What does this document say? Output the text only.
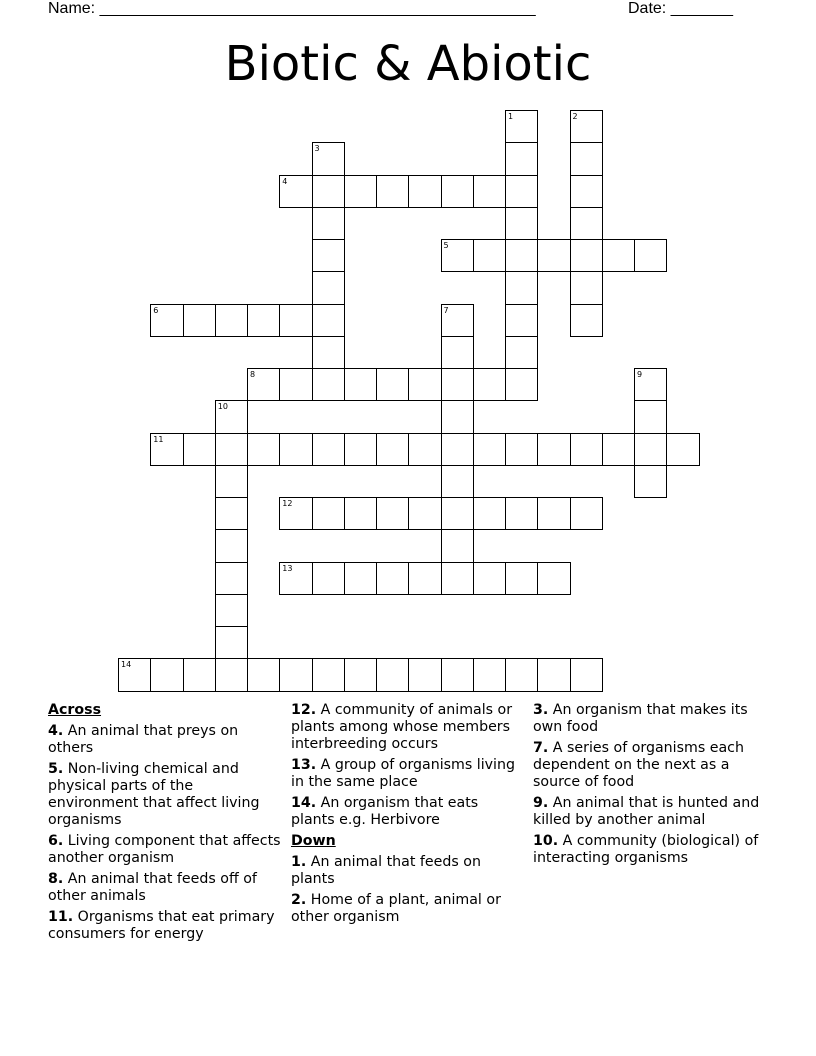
Name: _________________________________________________	Date: _______
Biotic & Abiotic
1	2
3
4
5
6	7
8	9
10
11
12
13
14
Across
4. An animal that preys on others
5. Non-living chemical and physical parts of the environment that affect living organisms
6. Living component that affects another organism
8. An animal that feeds off of other animals
11. Organisms that eat primary consumers for energy
12. A community of animals or plants among whose members interbreeding occurs
13. A group of organisms living in the same place
14. An organism that eats plants e.g. Herbivore
Down
1. An animal that feeds on plants
2. Home of a plant, animal or other organism
3. An organism that makes its own food
7. A series of organisms each dependent on the next as a source of food
9. An animal that is hunted and killed by another animal
10. A community (biological) of interacting organisms
